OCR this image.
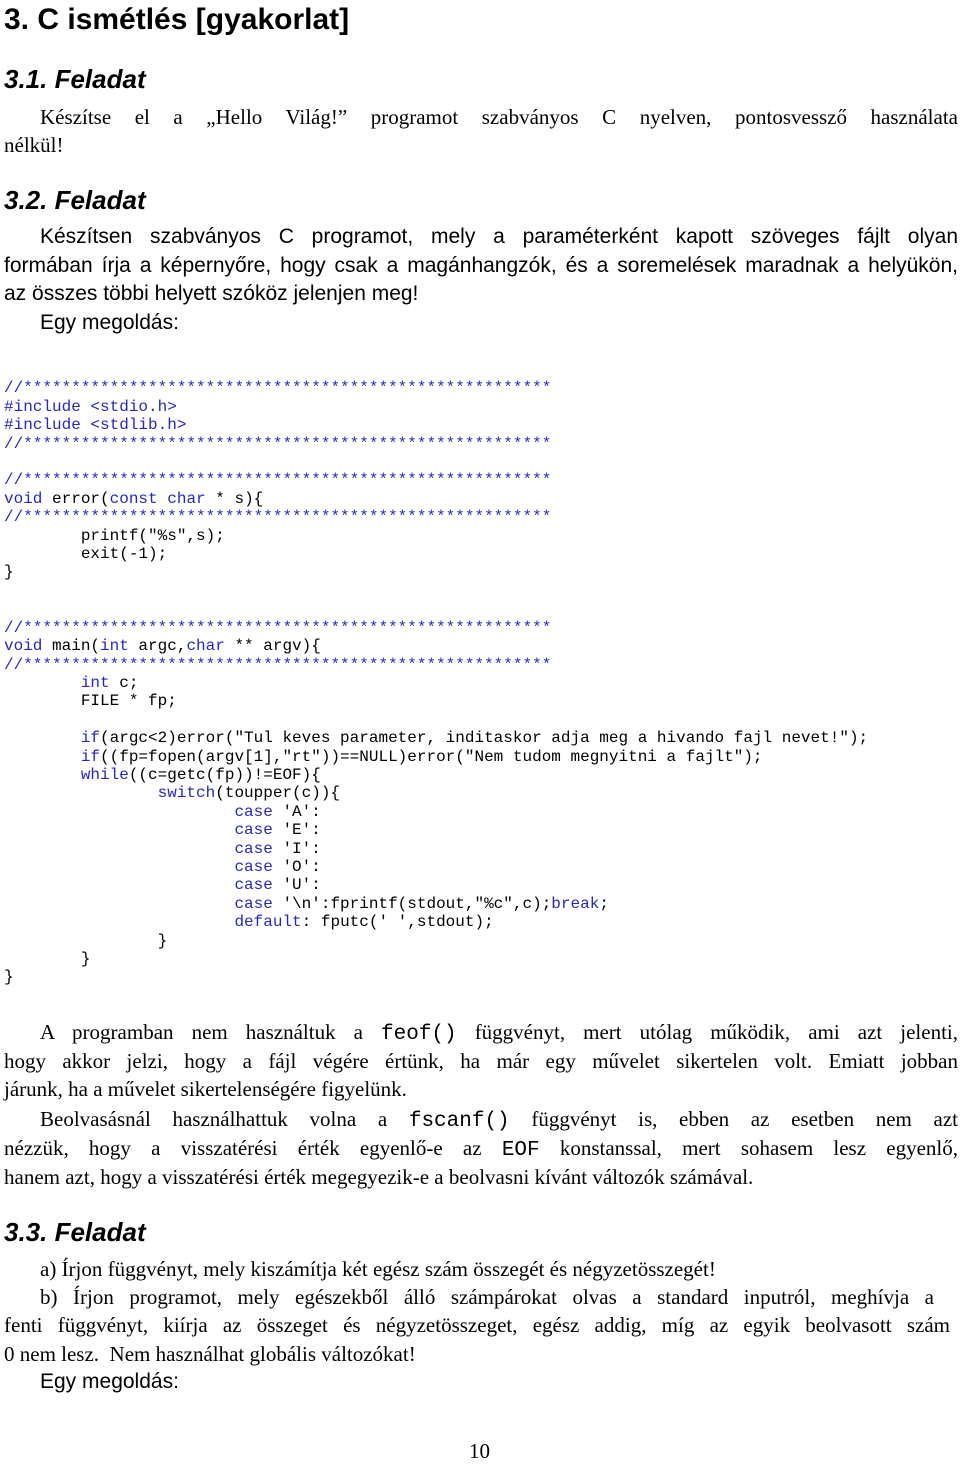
3. C ismétlés [gyakorlat]
3.1. Feladat
Készítse el a „Hello Világ!” programot szabványos C nyelven, pontosvessző használata
nélkül!
3.2. Feladat
Készítsen szabványos C programot, mely a paraméterként kapott szöveges fájlt olyan
formában írja a képernyőre, hogy csak a magánhangzók, és a soremelések maradnak a helyükön,
az összes többi helyett szóköz jelenjen meg!
Egy megoldás:

//*******************************************************
#include <stdio.h>
#include <stdlib.h>
//*******************************************************

//*******************************************************
void error(const char * s){
//*******************************************************
printf("%s",s);
exit(-1);
}

//*******************************************************
void main(int argc,char ** argv){
//*******************************************************
int c;
FILE * fp;

if(argc<2)error("Tul keves parameter, inditaskor adja meg a hivando fajl nevet!");
if((fp=fopen(argv[1],"rt"))==NULL)error("Nem tudom megnyitni a fajlt");
while((c=getc(fp))!=EOF){
switch(toupper(c)){
case 'A':
case 'E':
case 'I':
case 'O':
case 'U':
case '\n':fprintf(stdout,"%c",c);break;
default: fputc(' ',stdout);
}
}
}

A programban nem használtuk a feof() függvényt, mert utólag működik, ami azt jelenti,
hogy akkor jelzi, hogy a fájl végére értünk, ha már egy művelet sikertelen volt. Emiatt jobban
járunk, ha a művelet sikertelenségére figyelünk.
Beolvasásnál használhattuk volna a fscanf() függvényt is, ebben az esetben nem azt
nézzük, hogy a visszatérési érték egyenlő-e az EOF konstanssal, mert sohasem lesz egyenlő,
hanem azt, hogy a visszatérési érték megegyezik-e a beolvasni kívánt változók számával.
3.3. Feladat
a) Írjon függvényt, mely kiszámítja két egész szám összegét és négyzetösszegét!
b) Írjon programot, mely egészekből álló számpárokat olvas a standard inputról, meghívja a
fenti függvényt, kiírja az összeget és négyzetösszeget, egész addig, míg az egyik beolvasott szám
0 nem lesz.  Nem használhat globális változókat!
Egy megoldás:
10
